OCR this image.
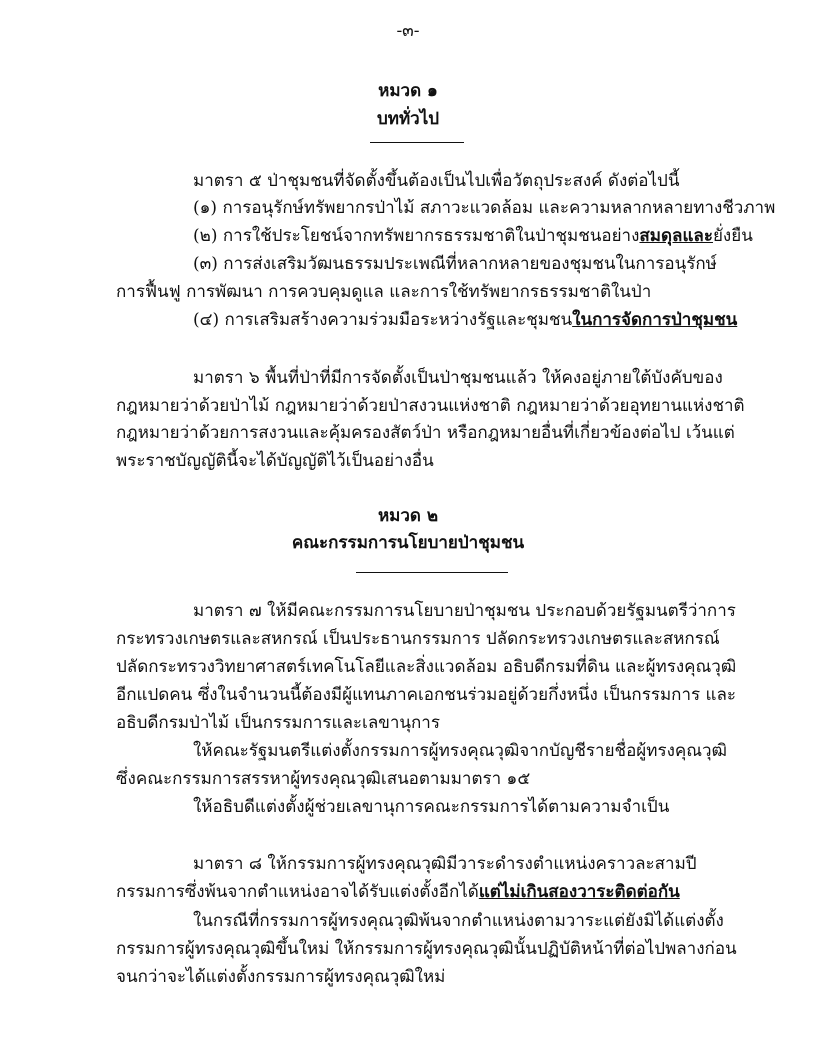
-๓-
หมวด ๑
บททั่วไป
มาตรา ๕ ป่าชุมชนที่จัดตั้งขึ้นต้องเป็นไปเพื่อวัตถุประสงค์ ดังต่อไปนี้
(๑) การอนุรักษ์ทรัพยากรป่าไม้ สภาวะแวดล้อม และความหลากหลายทางชีวภาพ
(๒) การใช้ประโยชน์จากทรัพยากรธรรมชาติในป่าชุมชนอย่างสมดุลและยั่งยืน
(๓) การส่งเสริมวัฒนธรรมประเพณีที่หลากหลายของชุมชนในการอนุรักษ์
การฟื้นฟู การพัฒนา การควบคุมดูแล และการใช้ทรัพยากรธรรมชาติในป่า
(๔) การเสริมสร้างความร่วมมือระหว่างรัฐและชุมชนในการจัดการป่าชุมชน
มาตรา ๖ พื้นที่ป่าที่มีการจัดตั้งเป็นป่าชุมชนแล้ว ให้คงอยู่ภายใต้บังคับของ
กฎหมายว่าด้วยป่าไม้ กฎหมายว่าด้วยป่าสงวนแห่งชาติ กฎหมายว่าด้วยอุทยานแห่งชาติ
กฎหมายว่าด้วยการสงวนและคุ้มครองสัตว์ป่า หรือกฎหมายอื่นที่เกี่ยวข้องต่อไป เว้นแต่
พระราชบัญญัตินี้จะได้บัญญัติไว้เป็นอย่างอื่น
หมวด ๒
คณะกรรมการนโยบายป่าชุมชน
มาตรา ๗ ให้มีคณะกรรมการนโยบายป่าชุมชน ประกอบด้วยรัฐมนตรีว่าการ
กระทรวงเกษตรและสหกรณ์ เป็นประธานกรรมการ ปลัดกระทรวงเกษตรและสหกรณ์
ปลัดกระทรวงวิทยาศาสตร์เทคโนโลยีและสิ่งแวดล้อม อธิบดีกรมที่ดิน และผู้ทรงคุณวุฒิ
อีกแปดคน ซึ่งในจำนวนนี้ต้องมีผู้แทนภาคเอกชนร่วมอยู่ด้วยกึ่งหนึ่ง เป็นกรรมการ และ
อธิบดีกรมป่าไม้ เป็นกรรมการและเลขานุการ
ให้คณะรัฐมนตรีแต่งตั้งกรรมการผู้ทรงคุณวุฒิจากบัญชีรายชื่อผู้ทรงคุณวุฒิ
ซึ่งคณะกรรมการสรรหาผู้ทรงคุณวุฒิเสนอตามมาตรา ๑๕
ให้อธิบดีแต่งตั้งผู้ช่วยเลขานุการคณะกรรมการได้ตามความจำเป็น
มาตรา ๘ ให้กรรมการผู้ทรงคุณวุฒิมีวาระดำรงตำแหน่งคราวละสามปี
กรรมการซึ่งพ้นจากตำแหน่งอาจได้รับแต่งตั้งอีกได้แต่ไม่เกินสองวาระติดต่อกัน
ในกรณีที่กรรมการผู้ทรงคุณวุฒิพ้นจากตำแหน่งตามวาระแต่ยังมิได้แต่งตั้ง
กรรมการผู้ทรงคุณวุฒิขึ้นใหม่ ให้กรรมการผู้ทรงคุณวุฒินั้นปฏิบัติหน้าที่ต่อไปพลางก่อน
จนกว่าจะได้แต่งตั้งกรรมการผู้ทรงคุณวุฒิใหม่
